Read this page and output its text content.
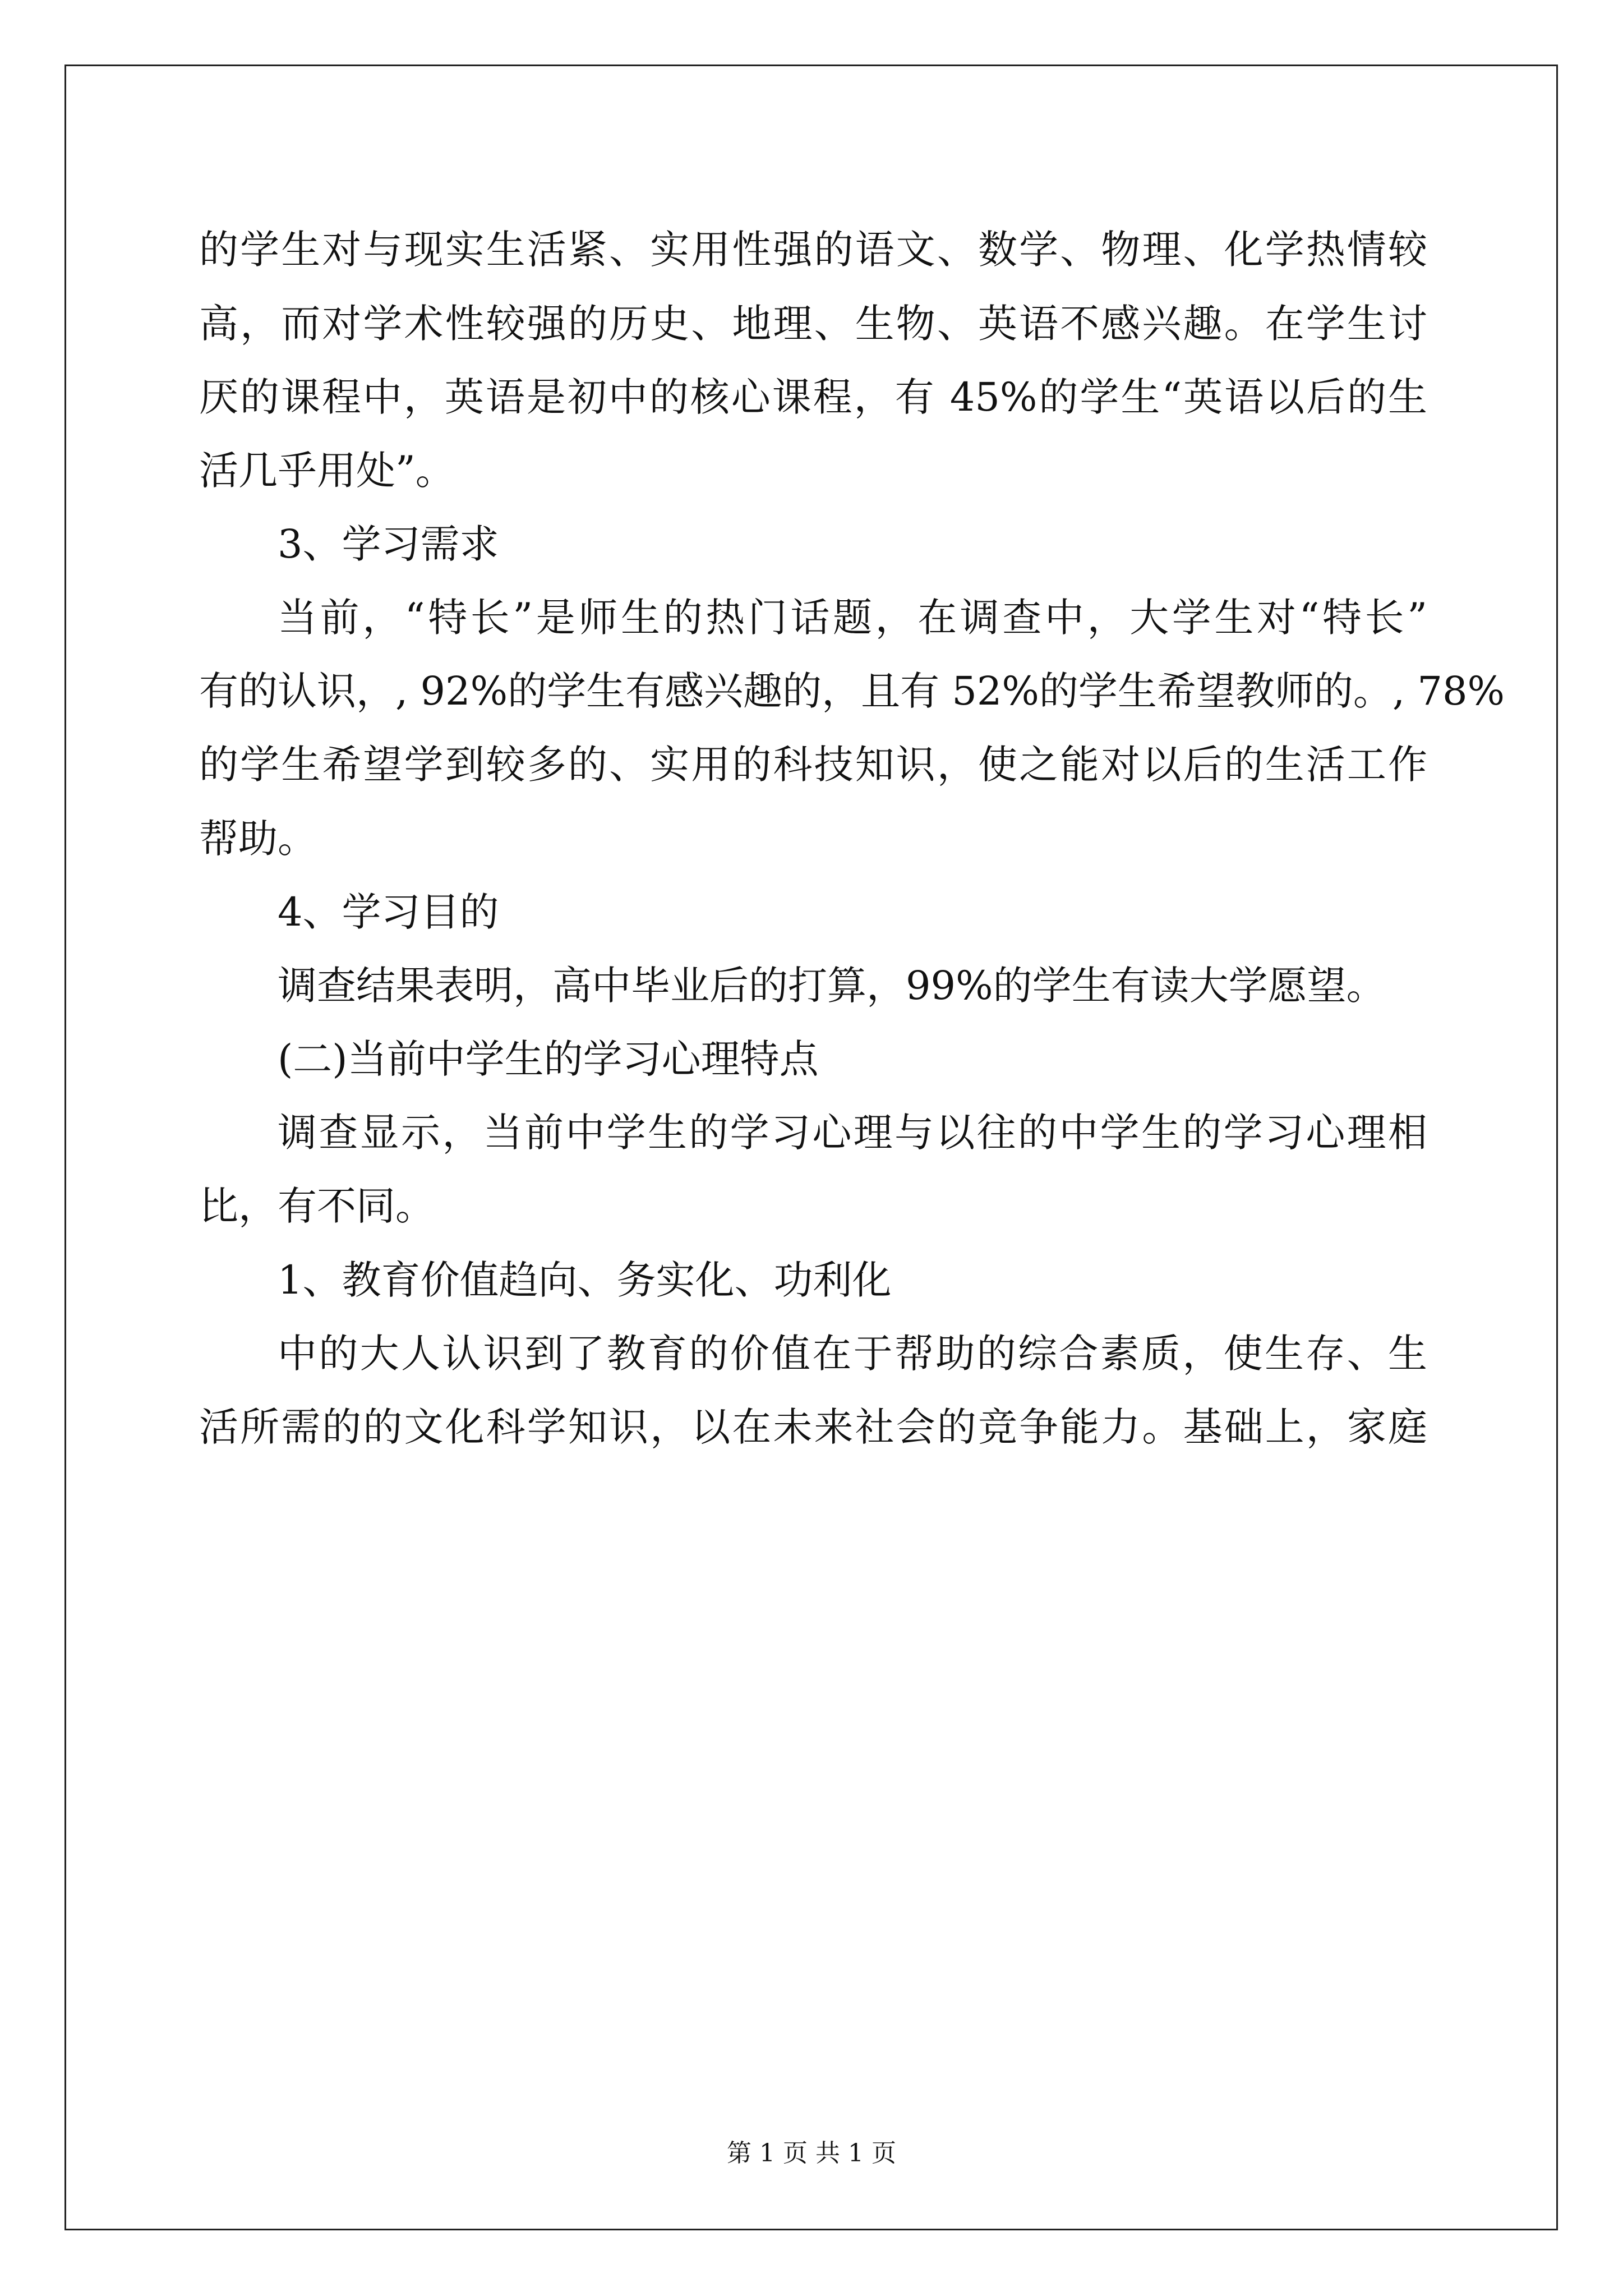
的学生对与现实生活紧、实用性强的语文、数学、物理、化学热情较
高，而对学术性较强的历史、地理、生物、英语不感兴趣。在学生讨
厌的课程中，英语是初中的核心课程，有 45%的学生“英语以后的生
活几乎用处”。
3、学习需求
当前，“特长”是师生的热门话题，在调查中，大学生对“特长”
有的认识，, 92%的学生有感兴趣的，且有 52%的学生希望教师的。, 78%
的学生希望学到较多的、实用的科技知识，使之能对以后的生活工作
帮助。
4、学习目的
调查结果表明，高中毕业后的打算，99%的学生有读大学愿望。
(二)当前中学生的学习心理特点
调查显示，当前中学生的学习心理与以往的中学生的学习心理相
比，有不同。
1、教育价值趋向、务实化、功利化
中的大人认识到了教育的价值在于帮助的综合素质，使生存、生
活所需的的文化科学知识，以在未来社会的竞争能力。基础上，家庭
第 1 页 共 1 页
